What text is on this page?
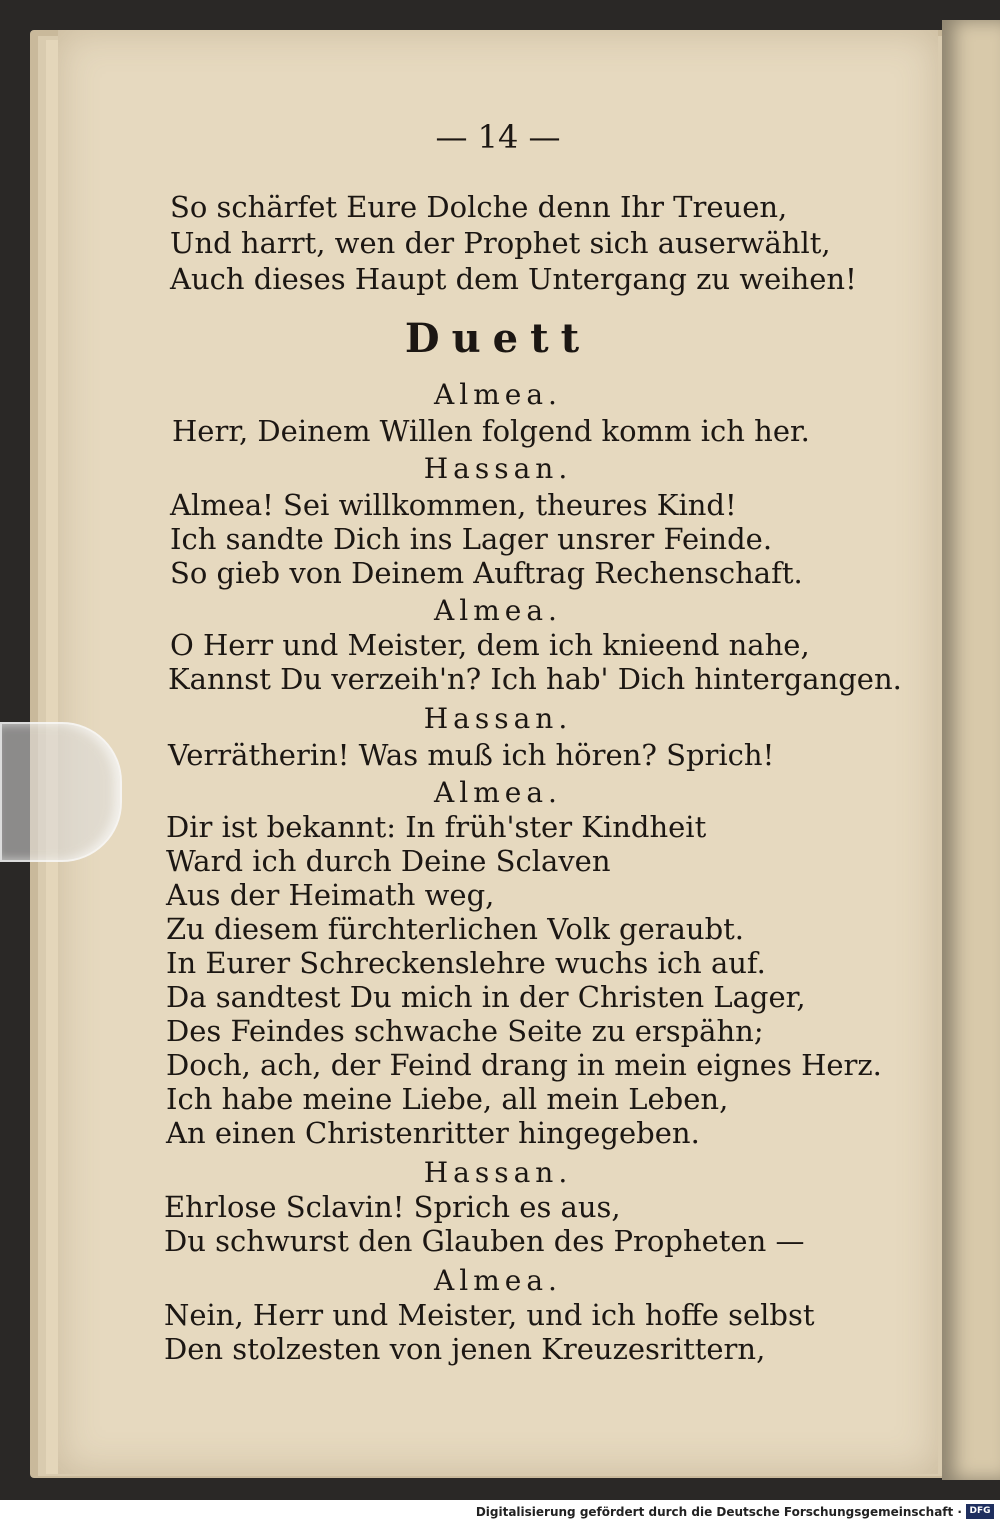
— 14 —
So schärfet Eure Dolche denn Ihr Treuen,
Und harrt, wen der Prophet sich auserwählt,
Auch dieses Haupt dem Untergang zu weihen!
Duett
Almea.
Herr, Deinem Willen folgend komm ich her.
Hassan.
Almea! Sei willkommen, theures Kind!
Ich sandte Dich ins Lager unsrer Feinde.
So gieb von Deinem Auftrag Rechenschaft.
Almea.
O Herr und Meister, dem ich knieend nahe,
Kannst Du verzeih'n? Ich hab' Dich hintergangen.
Hassan.
Verrätherin! Was muß ich hören? Sprich!
Almea.
Dir ist bekannt: In früh'ster Kindheit
Ward ich durch Deine Sclaven
Aus der Heimath weg,
Zu diesem fürchterlichen Volk geraubt.
In Eurer Schreckenslehre wuchs ich auf.
Da sandtest Du mich in der Christen Lager,
Des Feindes schwache Seite zu erspähn;
Doch, ach, der Feind drang in mein eignes Herz.
Ich habe meine Liebe, all mein Leben,
An einen Christenritter hingegeben.
Hassan.
Ehrlose Sclavin! Sprich es aus,
Du schwurst den Glauben des Propheten —
Almea.
Nein, Herr und Meister, und ich hoffe selbst
Den stolzesten von jenen Kreuzesrittern,
Digitalisierung gefördert durch die Deutsche Forschungsgemeinschaft · DFG
